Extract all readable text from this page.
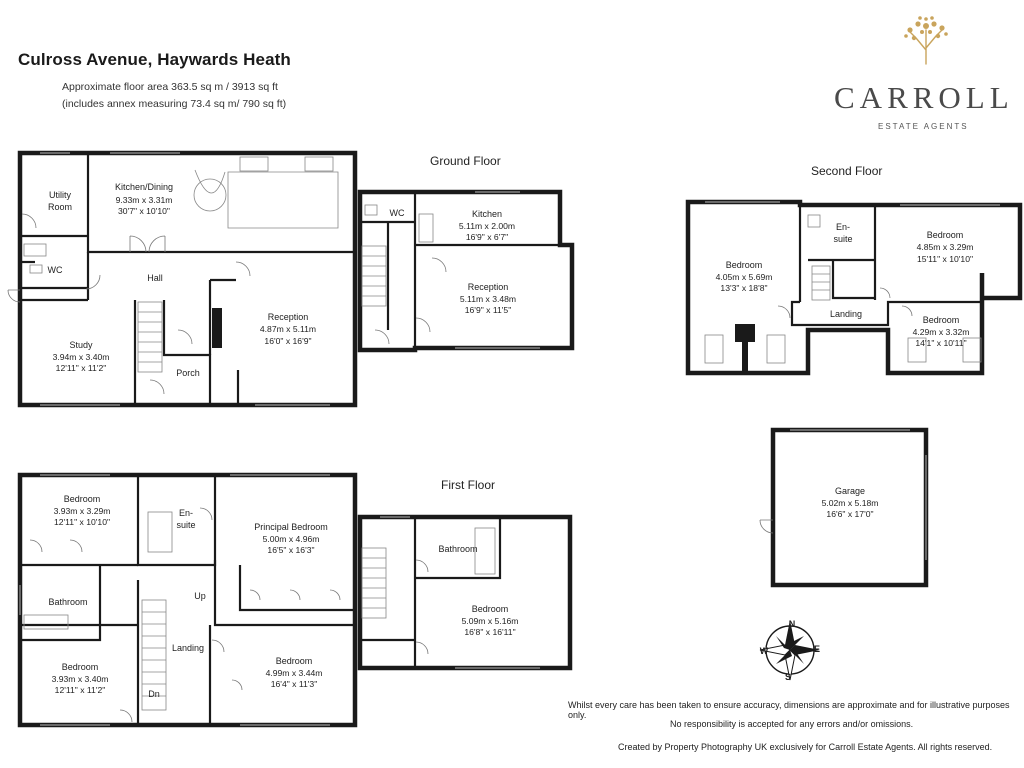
Culross Avenue, Haywards Heath
Approximate floor area 363.5 sq m / 3913 sq ft
(includes annex measuring 73.4 sq m/ 790 sq ft)	CARROLL
ESTATE AGENTS
Ground Floor
First Floor
Second Floor
Utility
Room
Kitchen/Dining
9.33m x 3.31m
30'7" x 10'10"
WC
Hall
Study
3.94m x 3.40m
12'11" x 11'2"	Porch
Reception
4.87m x 5.11m
16'0" x 16'9"
WC	Kitchen
5.11m x 2.00m
16'9" x 6'7"
Reception
5.11m x 3.48m
16'9" x 11'5"
Bedroom
3.93m x 3.29m
12'11" x 10'10"
En-
suite	Principal Bedroom
5.00m x 4.96m
16'5" x 16'3"
Bathroom
Up
Bedroom
3.93m x 3.40m
12'11" x 11'2"
Landing
Dn
Bedroom
4.99m x 3.44m
16'4" x 11'3"
Bathroom
Bedroom
5.09m x 5.16m
16'8" x 16'11"
Bedroom
4.05m x 5.69m
13'3" x 18'8"
En-
suite	Bedroom
4.85m x 3.29m
15'11" x 10'10"
Landing
Bedroom
4.29m x 3.32m
14'1" x 10'11"
Garage
5.02m x 5.18m
16'6" x 17'0"
N
E
S
W
Whilst every care has been taken to ensure accuracy, dimensions are approximate and for illustrative purposes only.
No responsibility is accepted for any errors and/or omissions.
Created by Property Photography UK exclusively for Carroll Estate Agents. All rights reserved.
